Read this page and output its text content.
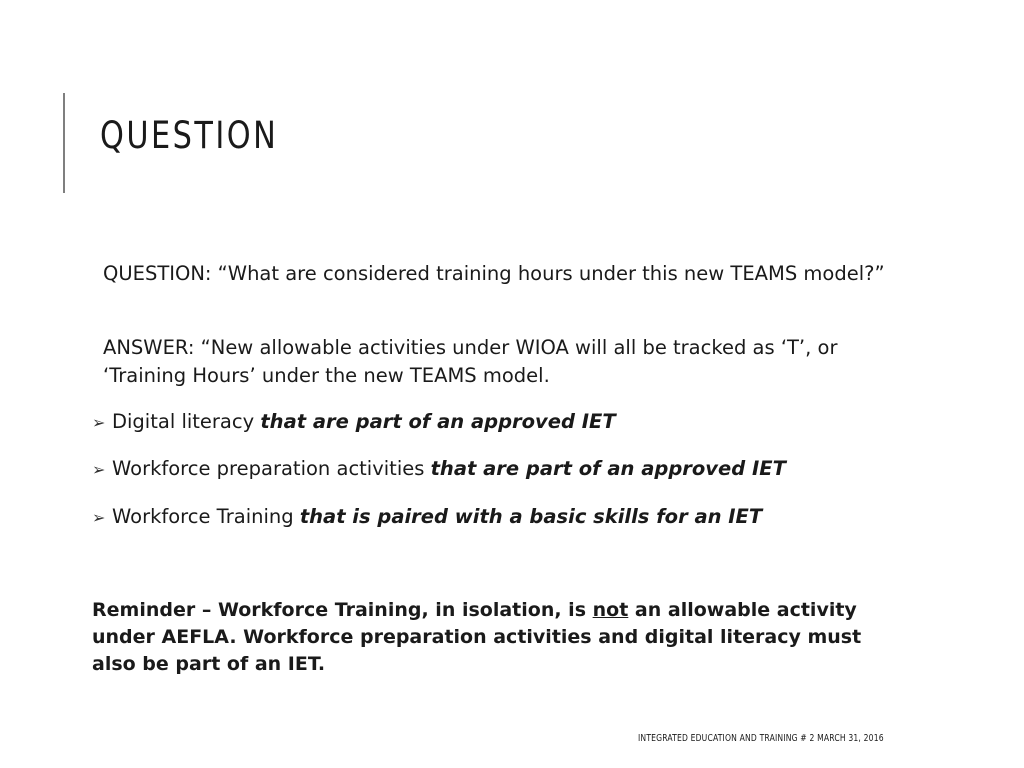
QUESTION

QUESTION: “What are considered training hours under this new TEAMS model?”

ANSWER: “New allowable activities under WIOA will all be tracked as ‘T’, or ‘Training Hours’ under the new TEAMS model.

➢ Digital literacy that are part of an approved IET
➢ Workforce preparation activities that are part of an approved IET
➢ Workforce Training that is paired with a basic skills for an IET

Reminder – Workforce Training, in isolation, is not an allowable activity under AEFLA. Workforce preparation activities and digital literacy must also be part of an IET.

INTEGRATED EDUCATION AND TRAINING # 2 MARCH 31, 2016
